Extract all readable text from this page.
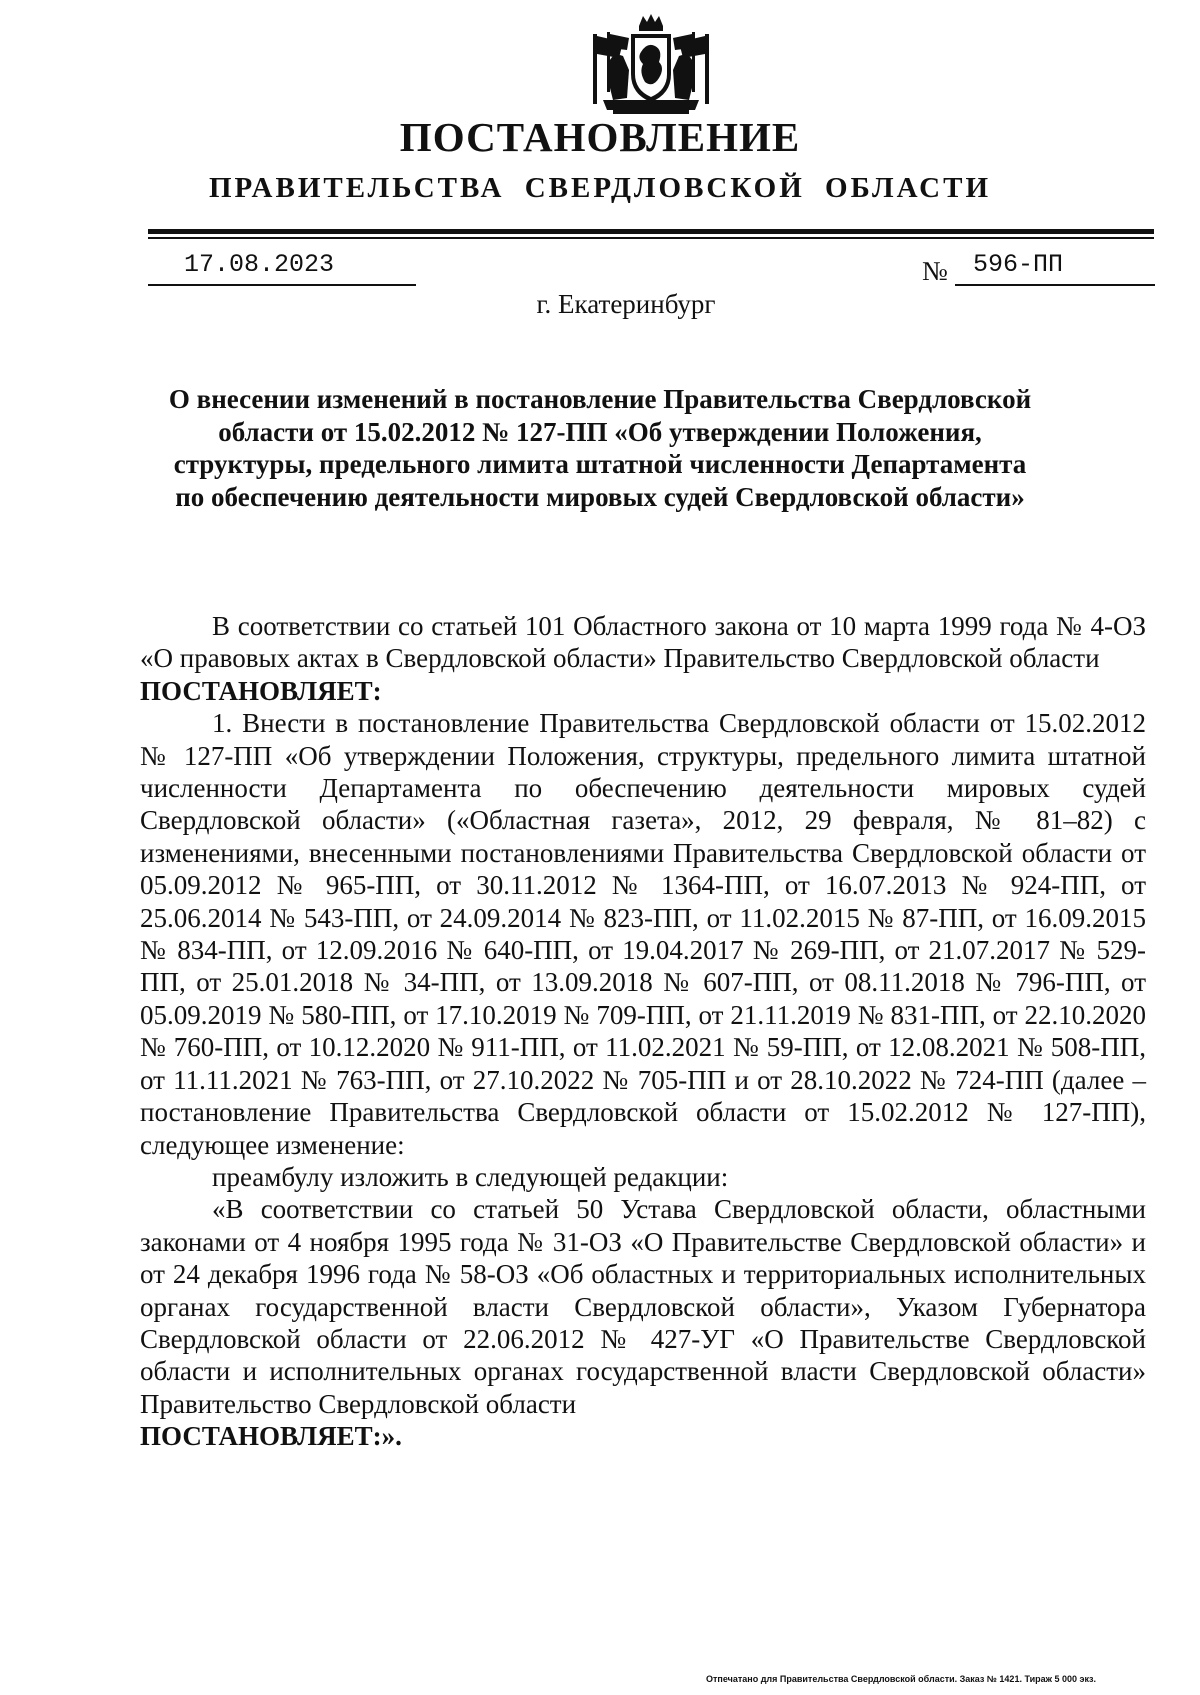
ПОСТАНОВЛЕНИЕ
ПРАВИТЕЛЬСТВА СВЕРДЛОВСКОЙ ОБЛАСТИ
17.08.2023	№ 596-ПП
г. Екатеринбург
О внесении изменений в постановление Правительства Свердловской области от 15.02.2012 № 127-ПП «Об утверждении Положения, структуры, предельного лимита штатной численности Департамента по обеспечению деятельности мировых судей Свердловской области»

В соответствии со статьей 101 Областного закона от 10 марта 1999 года № 4-ОЗ «О правовых актах в Свердловской области» Правительство Свердловской области

ПОСТАНОВЛЯЕТ:

1. Внести в постановление Правительства Свердловской области от 15.02.2012 № 127-ПП «Об утверждении Положения, структуры, предельного лимита штатной численности Департамента по обеспечению деятельности мировых судей Свердловской области» («Областная газета», 2012, 29 февраля, № 81–82) с изменениями, внесенными постановлениями Правительства Свердловской области от 05.09.2012 № 965-ПП, от 30.11.2012 № 1364-ПП, от 16.07.2013 № 924-ПП, от 25.06.2014 № 543-ПП, от 24.09.2014 № 823-ПП, от 11.02.2015 № 87-ПП, от 16.09.2015 № 834-ПП, от 12.09.2016 № 640-ПП, от 19.04.2017 № 269-ПП, от 21.07.2017 № 529-ПП, от 25.01.2018 № 34-ПП, от 13.09.2018 № 607-ПП, от 08.11.2018 № 796-ПП, от 05.09.2019 № 580-ПП, от 17.10.2019 № 709-ПП, от 21.11.2019 № 831-ПП, от 22.10.2020 № 760-ПП, от 10.12.2020 № 911-ПП, от 11.02.2021 № 59-ПП, от 12.08.2021 № 508-ПП, от 11.11.2021 № 763-ПП, от 27.10.2022 № 705-ПП и от 28.10.2022 № 724-ПП (далее – постановление Правительства Свердловской области от 15.02.2012 № 127-ПП), следующее изменение:

преамбулу изложить в следующей редакции:

«В соответствии со статьей 50 Устава Свердловской области, областными законами от 4 ноября 1995 года № 31-ОЗ «О Правительстве Свердловской области» и от 24 декабря 1996 года № 58-ОЗ «Об областных и территориальных исполнительных органах государственной власти Свердловской области», Указом Губернатора Свердловской области от 22.06.2012 № 427-УГ «О Правительстве Свердловской области и исполнительных органах государственной власти Свердловской области» Правительство Свердловской области

ПОСТАНОВЛЯЕТ:».

Отпечатано для Правительства Свердловской области. Заказ № 1421. Тираж 5 000 экз.
